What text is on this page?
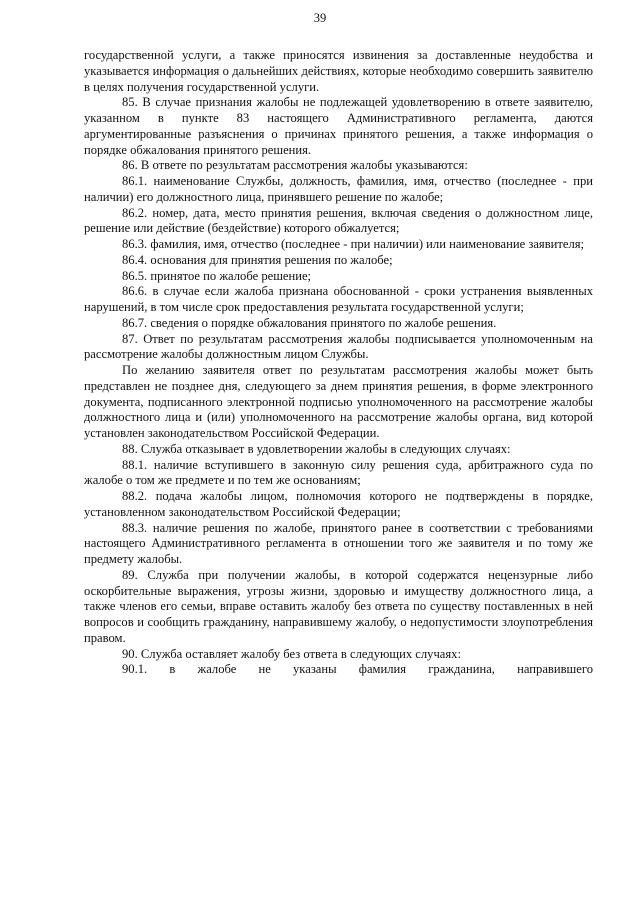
39

государственной услуги, а также приносятся извинения за доставленные неудобства и указывается информация о дальнейших действиях, которые необходимо совершить заявителю в целях получения государственной услуги.

85. В случае признания жалобы не подлежащей удовлетворению в ответе заявителю, указанном в пункте 83 настоящего Административного регламента, даются аргументированные разъяснения о причинах принятого решения, а также информация о порядке обжалования принятого решения.

86. В ответе по результатам рассмотрения жалобы указываются:

86.1. наименование Службы, должность, фамилия, имя, отчество (последнее - при наличии) его должностного лица, принявшего решение по жалобе;

86.2. номер, дата, место принятия решения, включая сведения о должностном лице, решение или действие (бездействие) которого обжалуется;

86.3. фамилия, имя, отчество (последнее - при наличии) или наименование заявителя;

86.4. основания для принятия решения по жалобе;

86.5. принятое по жалобе решение;

86.6. в случае если жалоба признана обоснованной - сроки устранения выявленных нарушений, в том числе срок предоставления результата государственной услуги;

86.7. сведения о порядке обжалования принятого по жалобе решения.

87. Ответ по результатам рассмотрения жалобы подписывается уполномоченным на рассмотрение жалобы должностным лицом Службы.

По желанию заявителя ответ по результатам рассмотрения жалобы может быть представлен не позднее дня, следующего за днем принятия решения, в форме электронного документа, подписанного электронной подписью уполномоченного на рассмотрение жалобы должностного лица и (или) уполномоченного на рассмотрение жалобы органа, вид которой установлен законодательством Российской Федерации.

88. Служба отказывает в удовлетворении жалобы в следующих случаях:

88.1. наличие вступившего в законную силу решения суда, арбитражного суда по жалобе о том же предмете и по тем же основаниям;

88.2. подача жалобы лицом, полномочия которого не подтверждены в порядке, установленном законодательством Российской Федерации;

88.3. наличие решения по жалобе, принятого ранее в соответствии с требованиями настоящего Административного регламента в отношении того же заявителя и по тому же предмету жалобы.

89. Служба при получении жалобы, в которой содержатся нецензурные либо оскорбительные выражения, угрозы жизни, здоровью и имуществу должностного лица, а также членов его семьи, вправе оставить жалобу без ответа по существу поставленных в ней вопросов и сообщить гражданину, направившему жалобу, о недопустимости злоупотребления правом.

90. Служба оставляет жалобу без ответа в следующих случаях:

90.1. в жалобе не указаны фамилия гражданина, направившего
